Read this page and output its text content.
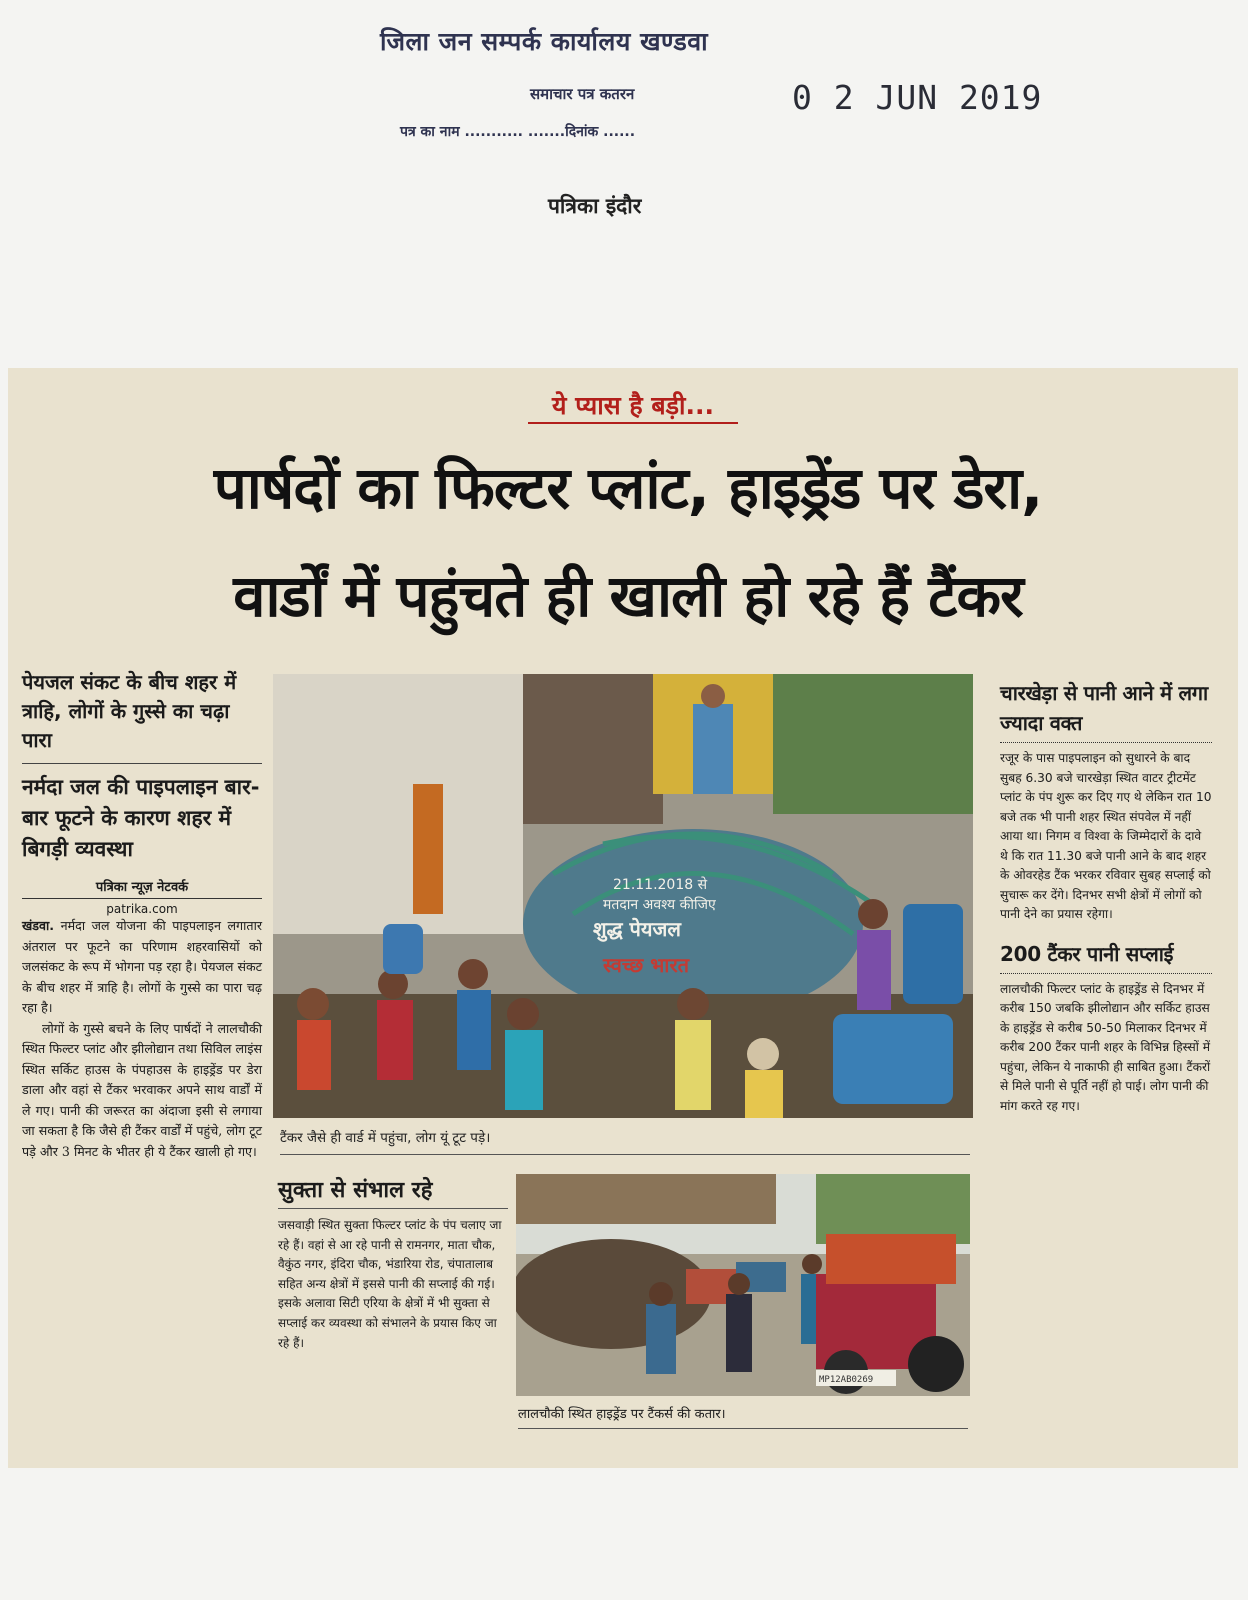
जिला जन सम्पर्क कार्यालय खण्डवा
समाचार पत्र कतरन
पत्र का नाम ........... .......दिनांक ......
0 2 JUN 2019
पत्रिका इंदौर
ये प्यास है बड़ी...
पार्षदों का फिल्टर प्लांट, हाइड्रेंड पर डेरा,
वार्डों में पहुंचते ही खाली हो रहे हैं टैंकर
पेयजल संकट के बीच शहर में त्राहि, लोगों के गुस्से का चढ़ा पारा
नर्मदा जल की पाइपलाइन बार-बार फूटने के कारण शहर में बिगड़ी व्यवस्था
पत्रिका न्यूज़ नेटवर्क
patrika.com

खंडवा. नर्मदा जल योजना की पाइपलाइन लगातार अंतराल पर फूटने का परिणाम शहरवासियों को जलसंकट के रूप में भोगना पड़ रहा है। पेयजल संकट के बीच शहर में त्राहि है। लोगों के गुस्से का पारा चढ़ रहा है।

लोगों के गुस्से बचने के लिए पार्षदों ने लालचौकी स्थित फिल्टर प्लांट और झीलोद्यान तथा सिविल लाइंस स्थित सर्किट हाउस के पंपहाउस के हाइड्रेंड पर डेरा डाला और वहां से टैंकर भरवाकर अपने साथ वार्डों में ले गए। पानी की जरूरत का अंदाजा इसी से लगाया जा सकता है कि जैसे ही टैंकर वार्डों में पहुंचे, लोग टूट पड़े और 3 मिनट के भीतर ही ये टैंकर खाली हो गए।

21.11.2018 से
मतदान अवश्य कीजिए
शुद्ध पेयजल
स्वच्छ भारत
टैंकर जैसे ही वार्ड में पहुंचा, लोग यूं टूट पड़े।
सुक्ता से संभाल रहे
जसवाड़ी स्थित सुक्ता फिल्टर प्लांट के पंप चलाए जा रहे हैं। वहां से आ रहे पानी से रामनगर, माता चौक, वैकुंठ नगर, इंदिरा चौक, भंडारिया रोड, चंपातालाब सहित अन्य क्षेत्रों में इससे पानी की सप्लाई की गई। इसके अलावा सिटी एरिया के क्षेत्रों में भी सुक्ता से सप्लाई कर व्यवस्था को संभालने के प्रयास किए जा रहे हैं।
MP12AB0269
लालचौकी स्थित हाइड्रेंड पर टैंकर्स की कतार।
चारखेड़ा से पानी आने में लगा ज्यादा वक्त
रजूर के पास पाइपलाइन को सुधारने के बाद सुबह 6.30 बजे चारखेड़ा स्थित वाटर ट्रीटमेंट प्लांट के पंप शुरू कर दिए गए थे लेकिन रात 10 बजे तक भी पानी शहर स्थित संपवेल में नहीं आया था। निगम व विश्वा के जिम्मेदारों के दावे थे कि रात 11.30 बजे पानी आने के बाद शहर के ओवरहेड टैंक भरकर रविवार सुबह सप्लाई को सुचारू कर देंगे। दिनभर सभी क्षेत्रों में लोगों को पानी देने का प्रयास रहेगा।
200 टैंकर पानी सप्लाई
लालचौकी फिल्टर प्लांट के हाइड्रेंड से दिनभर में करीब 150 जबकि झीलोद्यान और सर्किट हाउस के हाइड्रेंड से करीब 50-50 मिलाकर दिनभर में करीब 200 टैंकर पानी शहर के विभिन्न हिस्सों में पहुंचा, लेकिन ये नाकाफी ही साबित हुआ। टैंकरों से मिले पानी से पूर्ति नहीं हो पाई। लोग पानी की मांग करते रह गए।
